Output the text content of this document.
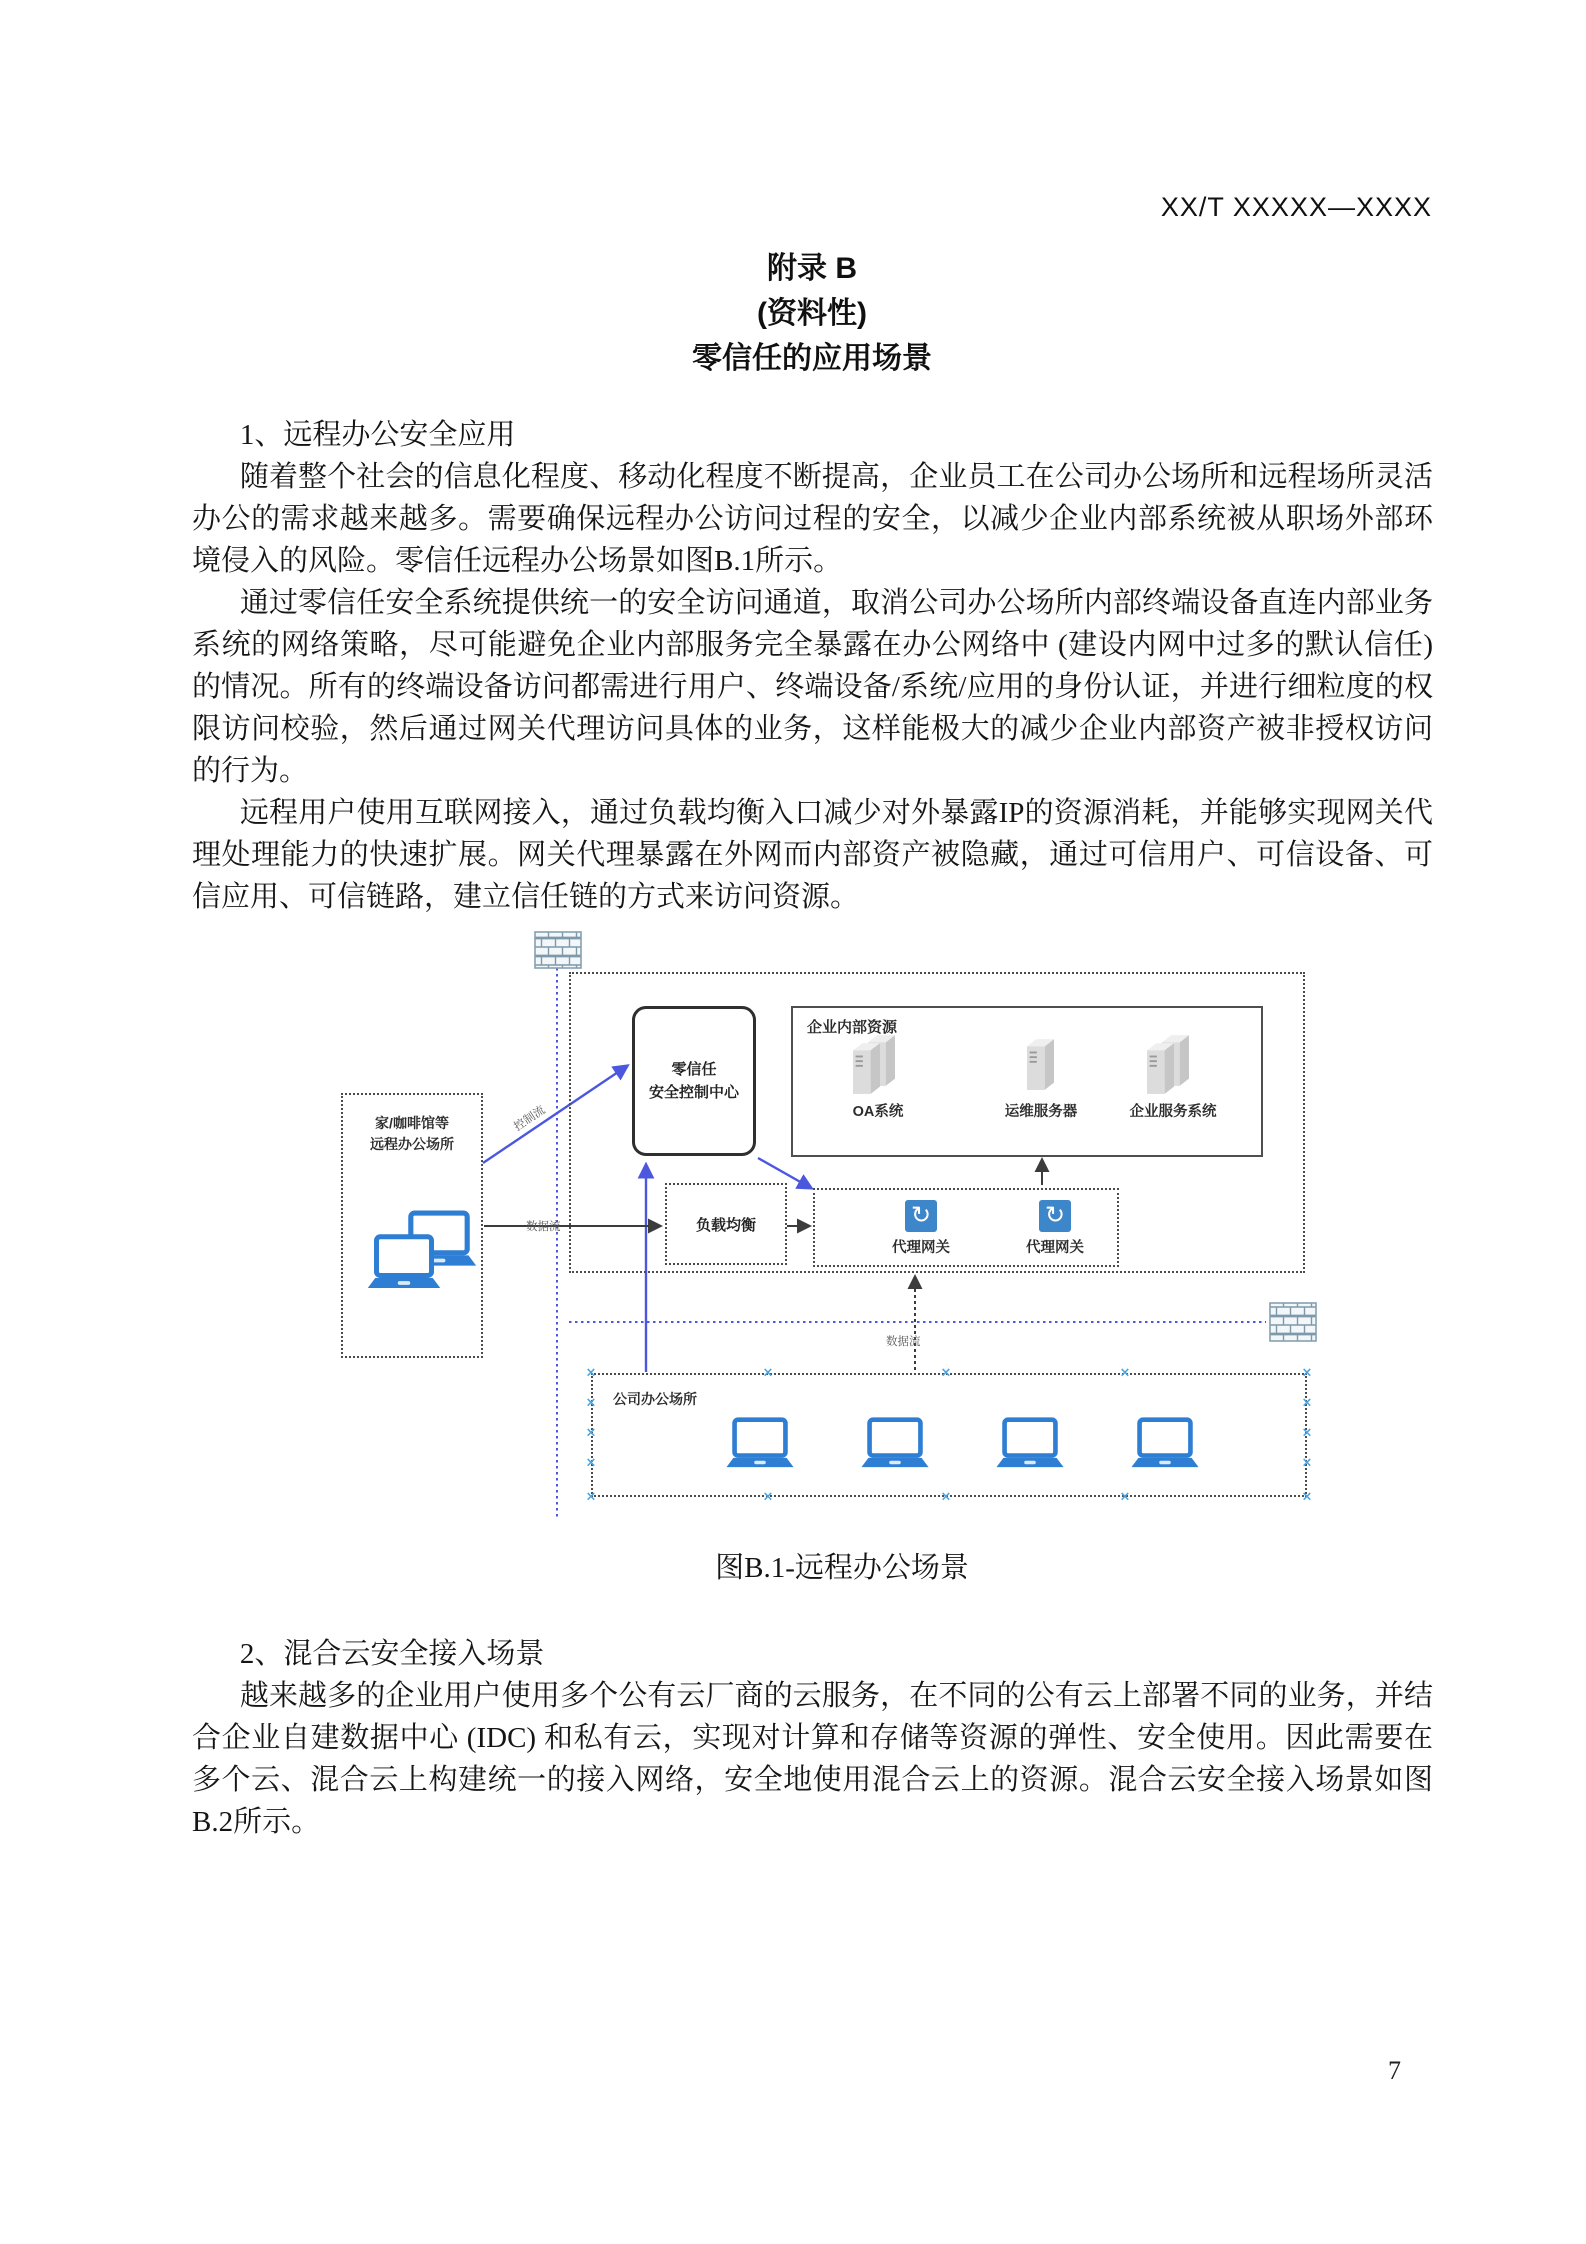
XX/T XXXXX—XXXX
附录 B
(资料性)
零信任的应用场景

1、远程办公安全应用

随着整个社会的信息化程度、移动化程度不断提高，企业员工在公司办公场所和远程场所灵活办公的需求越来越多。需要确保远程办公访问过程的安全，以减少企业内部系统被从职场外部环境侵入的风险。零信任远程办公场景如图B.1所示。

通过零信任安全系统提供统一的安全访问通道，取消公司办公场所内部终端设备直连内部业务系统的网络策略，尽可能避免企业内部服务完全暴露在办公网络中 (建设内网中过多的默认信任) 的情况。所有的终端设备访问都需进行用户、终端设备/系统/应用的身份认证，并进行细粒度的权限访问校验，然后通过网关代理访问具体的业务，这样能极大的减少企业内部资产被非授权访问的行为。

远程用户使用互联网接入，通过负载均衡入口减少对外暴露IP的资源消耗，并能够实现网关代理处理能力的快速扩展。网关代理暴露在外网而内部资产被隐藏，通过可信用户、可信设备、可信应用、可信链路，建立信任链的方式来访问资源。

零信任
安全控制中心
企业内部资源
OA系统	运维服务器	企业服务系统
负载均衡	↻	↻
代理网关	代理网关
家/咖啡馆等
远程办公场所
公司办公场所
×	×	×	×	×
×
×
×
×
×
×
×	×	×	×	×
控制流
数据流
数据流
图B.1-远程办公场景

2、混合云安全接入场景

越来越多的企业用户使用多个公有云厂商的云服务，在不同的公有云上部署不同的业务，并结合企业自建数据中心 (IDC) 和私有云，实现对计算和存储等资源的弹性、安全使用。因此需要在多个云、混合云上构建统一的接入网络，安全地使用混合云上的资源。混合云安全接入场景如图B.2所示。

7
